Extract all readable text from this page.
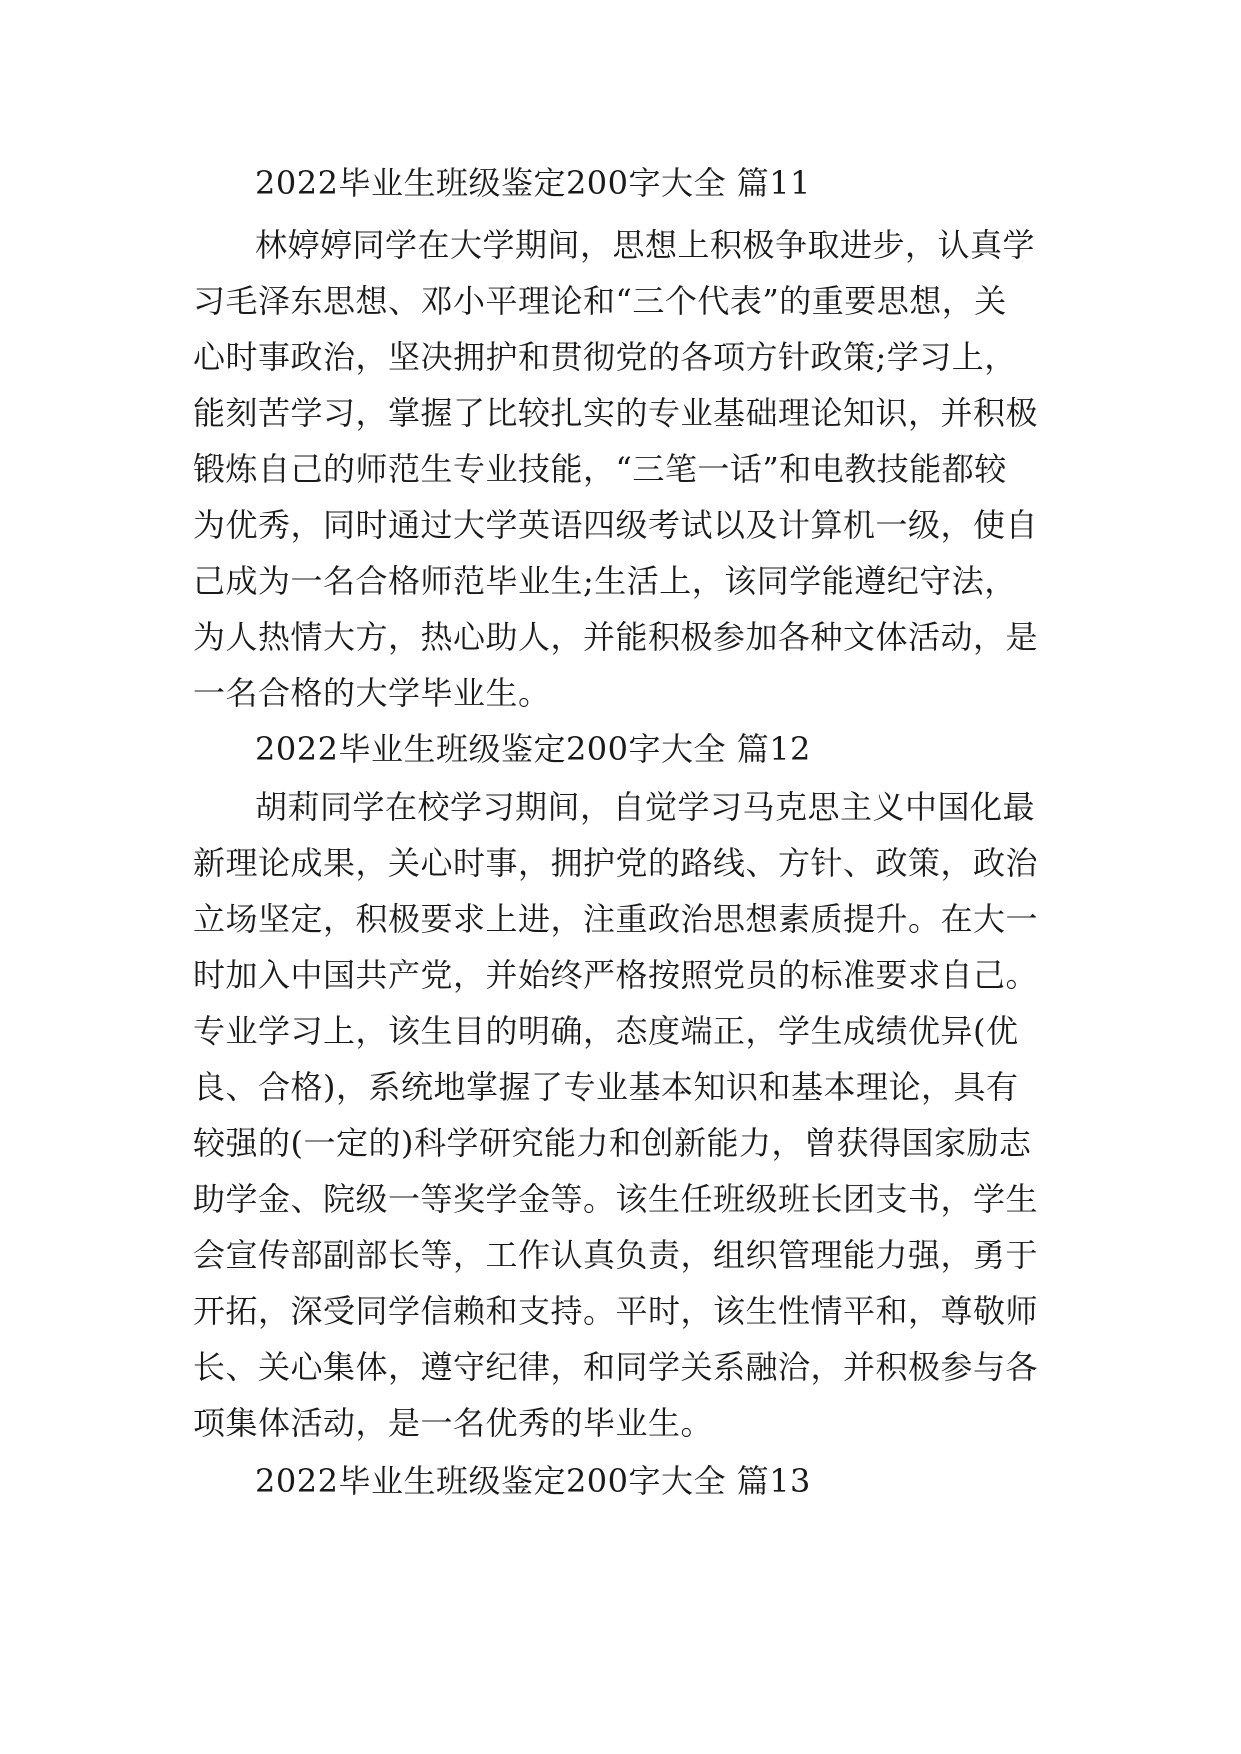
2022毕业生班级鉴定200字大全 篇11
林婷婷同学在大学期间，思想上积极争取进步，认真学
习毛泽东思想、邓小平理论和“三个代表”的重要思想，关
心时事政治，坚决拥护和贯彻党的各项方针政策;学习上，
能刻苦学习，掌握了比较扎实的专业基础理论知识，并积极
锻炼自己的师范生专业技能，“三笔一话”和电教技能都较
为优秀，同时通过大学英语四级考试以及计算机一级，使自
己成为一名合格师范毕业生;生活上，该同学能遵纪守法，
为人热情大方，热心助人，并能积极参加各种文体活动，是
一名合格的大学毕业生。
2022毕业生班级鉴定200字大全 篇12
胡莉同学在校学习期间，自觉学习马克思主义中国化最
新理论成果，关心时事，拥护党的路线、方针、政策，政治
立场坚定，积极要求上进，注重政治思想素质提升。在大一
时加入中国共产党，并始终严格按照党员的标准要求自己。
专业学习上，该生目的明确，态度端正，学生成绩优异(优
良、合格)，系统地掌握了专业基本知识和基本理论，具有
较强的(一定的)科学研究能力和创新能力，曾获得国家励志
助学金、院级一等奖学金等。该生任班级班长团支书，学生
会宣传部副部长等，工作认真负责，组织管理能力强，勇于
开拓，深受同学信赖和支持。平时，该生性情平和，尊敬师
长、关心集体，遵守纪律，和同学关系融洽，并积极参与各
项集体活动，是一名优秀的毕业生。
2022毕业生班级鉴定200字大全 篇13
